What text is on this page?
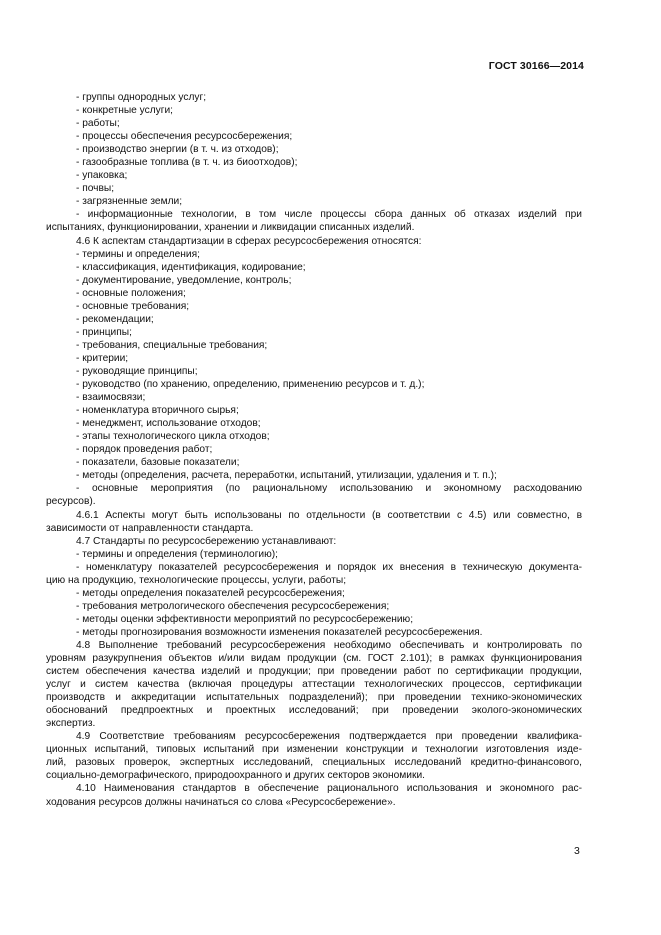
ГОСТ 30166—2014
- группы однородных услуг;
- конкретные услуги;
- работы;
- процессы обеспечения ресурсосбережения;
- производство энергии (в т. ч. из отходов);
- газообразные топлива (в т. ч. из биоотходов);
- упаковка;
- почвы;
- загрязненные земли;
- информационные технологии, в том числе процессы сбора данных об отказах изделий при
испытаниях, функционировании, хранении и ликвидации списанных изделий.
4.6 К аспектам стандартизации в сферах ресурсосбережения относятся:
- термины и определения;
- классификация, идентификация, кодирование;
- документирование, уведомление, контроль;
- основные положения;
- основные требования;
- рекомендации;
- принципы;
- требования, специальные требования;
- критерии;
- руководящие принципы;
- руководство (по хранению, определению, применению ресурсов и т. д.);
- взаимосвязи;
- номенклатура вторичного сырья;
- менеджмент, использование отходов;
- этапы технологического цикла отходов;
- порядок проведения работ;
- показатели, базовые показатели;
- методы (определения, расчета, переработки, испытаний, утилизации, удаления и т. п.);
- основные мероприятия (по рациональному использованию и экономному расходованию
ресурсов).
4.6.1 Аспекты могут быть использованы по отдельности (в соответствии с 4.5) или совместно, в
зависимости от направленности стандарта.
4.7 Стандарты по ресурсосбережению устанавливают:
- термины и определения (терминологию);
- номенклатуру показателей ресурсосбережения и порядок их внесения в техническую документа-
цию на продукцию, технологические процессы, услуги, работы;
- методы определения показателей ресурсосбережения;
- требования метрологического обеспечения ресурсосбережения;
- методы оценки эффективности мероприятий по ресурсосбережению;
- методы прогнозирования возможности изменения показателей ресурсосбережения.
4.8 Выполнение требований ресурсосбережения необходимо обеспечивать и контролировать по
уровням разукрупнения объектов и/или видам продукции (см. ГОСТ 2.101); в рамках функционирования
систем обеспечения качества изделий и продукции; при проведении работ по сертификации продукции,
услуг и систем качества (включая процедуры аттестации технологических процессов, сертификации
производств и аккредитации испытательных подразделений); при проведении технико-экономических
обоснований предпроектных и проектных исследований; при проведении эколого-экономических
экспертиз.
4.9 Соответствие требованиям ресурсосбережения подтверждается при проведении квалифика-
ционных испытаний, типовых испытаний при изменении конструкции и технологии изготовления изде-
лий, разовых проверок, экспертных исследований, специальных исследований кредитно-финансового,
социально-демографического, природоохранного и других секторов экономики.
4.10 Наименования стандартов в обеспечение рационального использования и экономного рас-
ходования ресурсов должны начинаться со слова «Ресурсосбережение».
3
